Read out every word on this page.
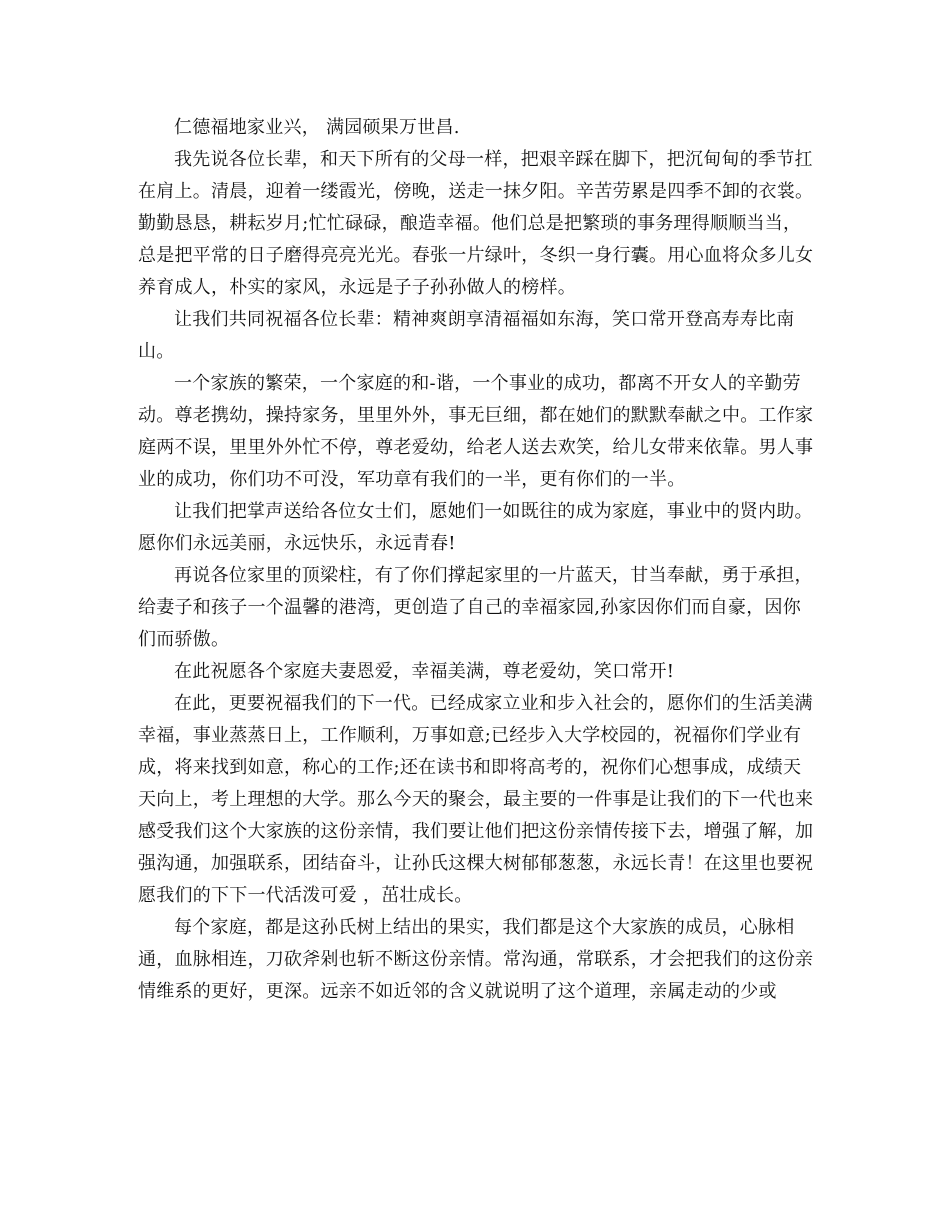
仁德福地家业兴， 满园硕果万世昌.

我先说各位长辈，和天下所有的父母一样，把艰辛踩在脚下，把沉甸甸的季节扛在肩上。清晨，迎着一缕霞光，傍晚，送走一抹夕阳。辛苦劳累是四季不卸的衣裳。勤勤恳恳，耕耘岁月;忙忙碌碌，酿造幸福。他们总是把繁琐的事务理得顺顺当当，总是把平常的日子磨得亮亮光光。春张一片绿叶，冬织一身行囊。用心血将众多儿女养育成人，朴实的家风，永远是子子孙孙做人的榜样。

让我们共同祝福各位长辈：精神爽朗享清福福如东海，笑口常开登高寿寿比南山。

一个家族的繁荣，一个家庭的和-谐，一个事业的成功，都离不开女人的辛勤劳动。尊老携幼，操持家务，里里外外，事无巨细，都在她们的默默奉献之中。工作家庭两不误，里里外外忙不停，尊老爱幼，给老人送去欢笑，给儿女带来依靠。男人事业的成功，你们功不可没，军功章有我们的一半，更有你们的一半。

让我们把掌声送给各位女士们，愿她们一如既往的成为家庭，事业中的贤内助。愿你们永远美丽，永远快乐，永远青春!

再说各位家里的顶梁柱，有了你们撑起家里的一片蓝天，甘当奉献，勇于承担，给妻子和孩子一个温馨的港湾，更创造了自己的幸福家园,孙家因你们而自豪，因你们而骄傲。

在此祝愿各个家庭夫妻恩爱，幸福美满，尊老爱幼，笑口常开!

在此，更要祝福我们的下一代。已经成家立业和步入社会的，愿你们的生活美满幸福，事业蒸蒸日上，工作顺利，万事如意;已经步入大学校园的，祝福你们学业有成，将来找到如意，称心的工作;还在读书和即将高考的，祝你们心想事成，成绩天天向上，考上理想的大学。那么今天的聚会，最主要的一件事是让我们的下一代也来感受我们这个大家族的这份亲情，我们要让他们把这份亲情传接下去，增强了解，加强沟通，加强联系，团结奋斗，让孙氏这棵大树郁郁葱葱，永远长青！在这里也要祝愿我们的下下一代活泼可爱 ，茁壮成长。

每个家庭，都是这孙氏树上结出的果实，我们都是这个大家族的成员，心脉相通，血脉相连，刀砍斧剁也斩不断这份亲情。常沟通，常联系，才会把我们的这份亲情维系的更好，更深。远亲不如近邻的含义就说明了这个道理，亲属走动的少或
